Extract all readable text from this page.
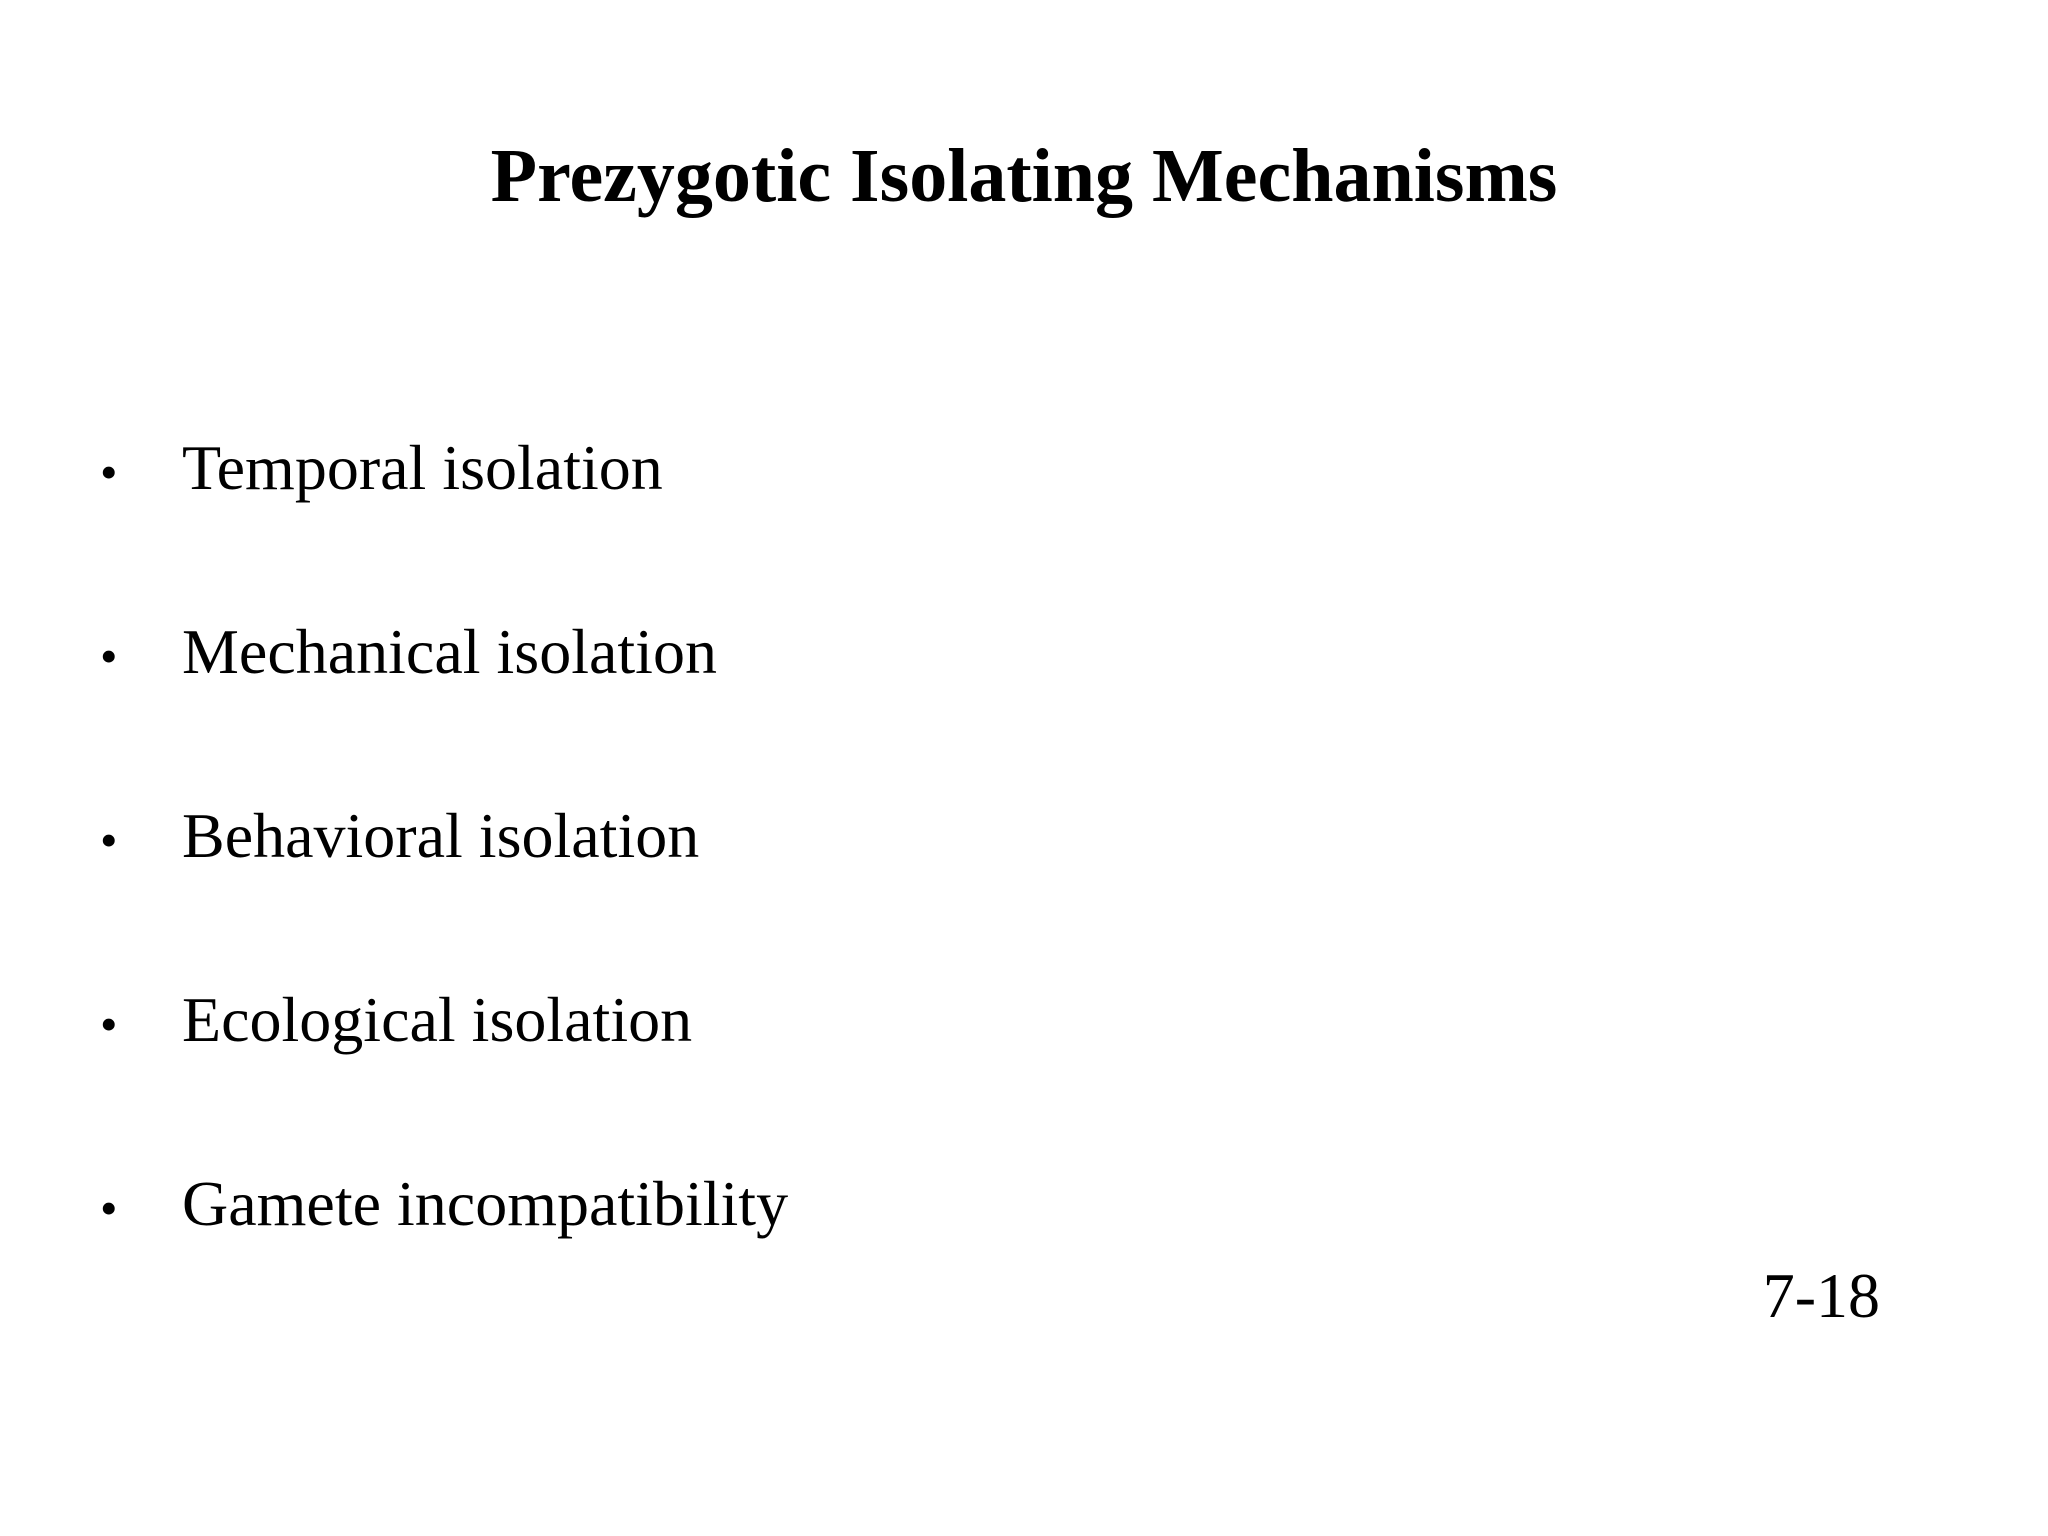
Prezygotic Isolating Mechanisms
•	Temporal isolation
•	Mechanical isolation
•	Behavioral isolation
•	Ecological isolation
•	Gamete incompatibility
7-18
